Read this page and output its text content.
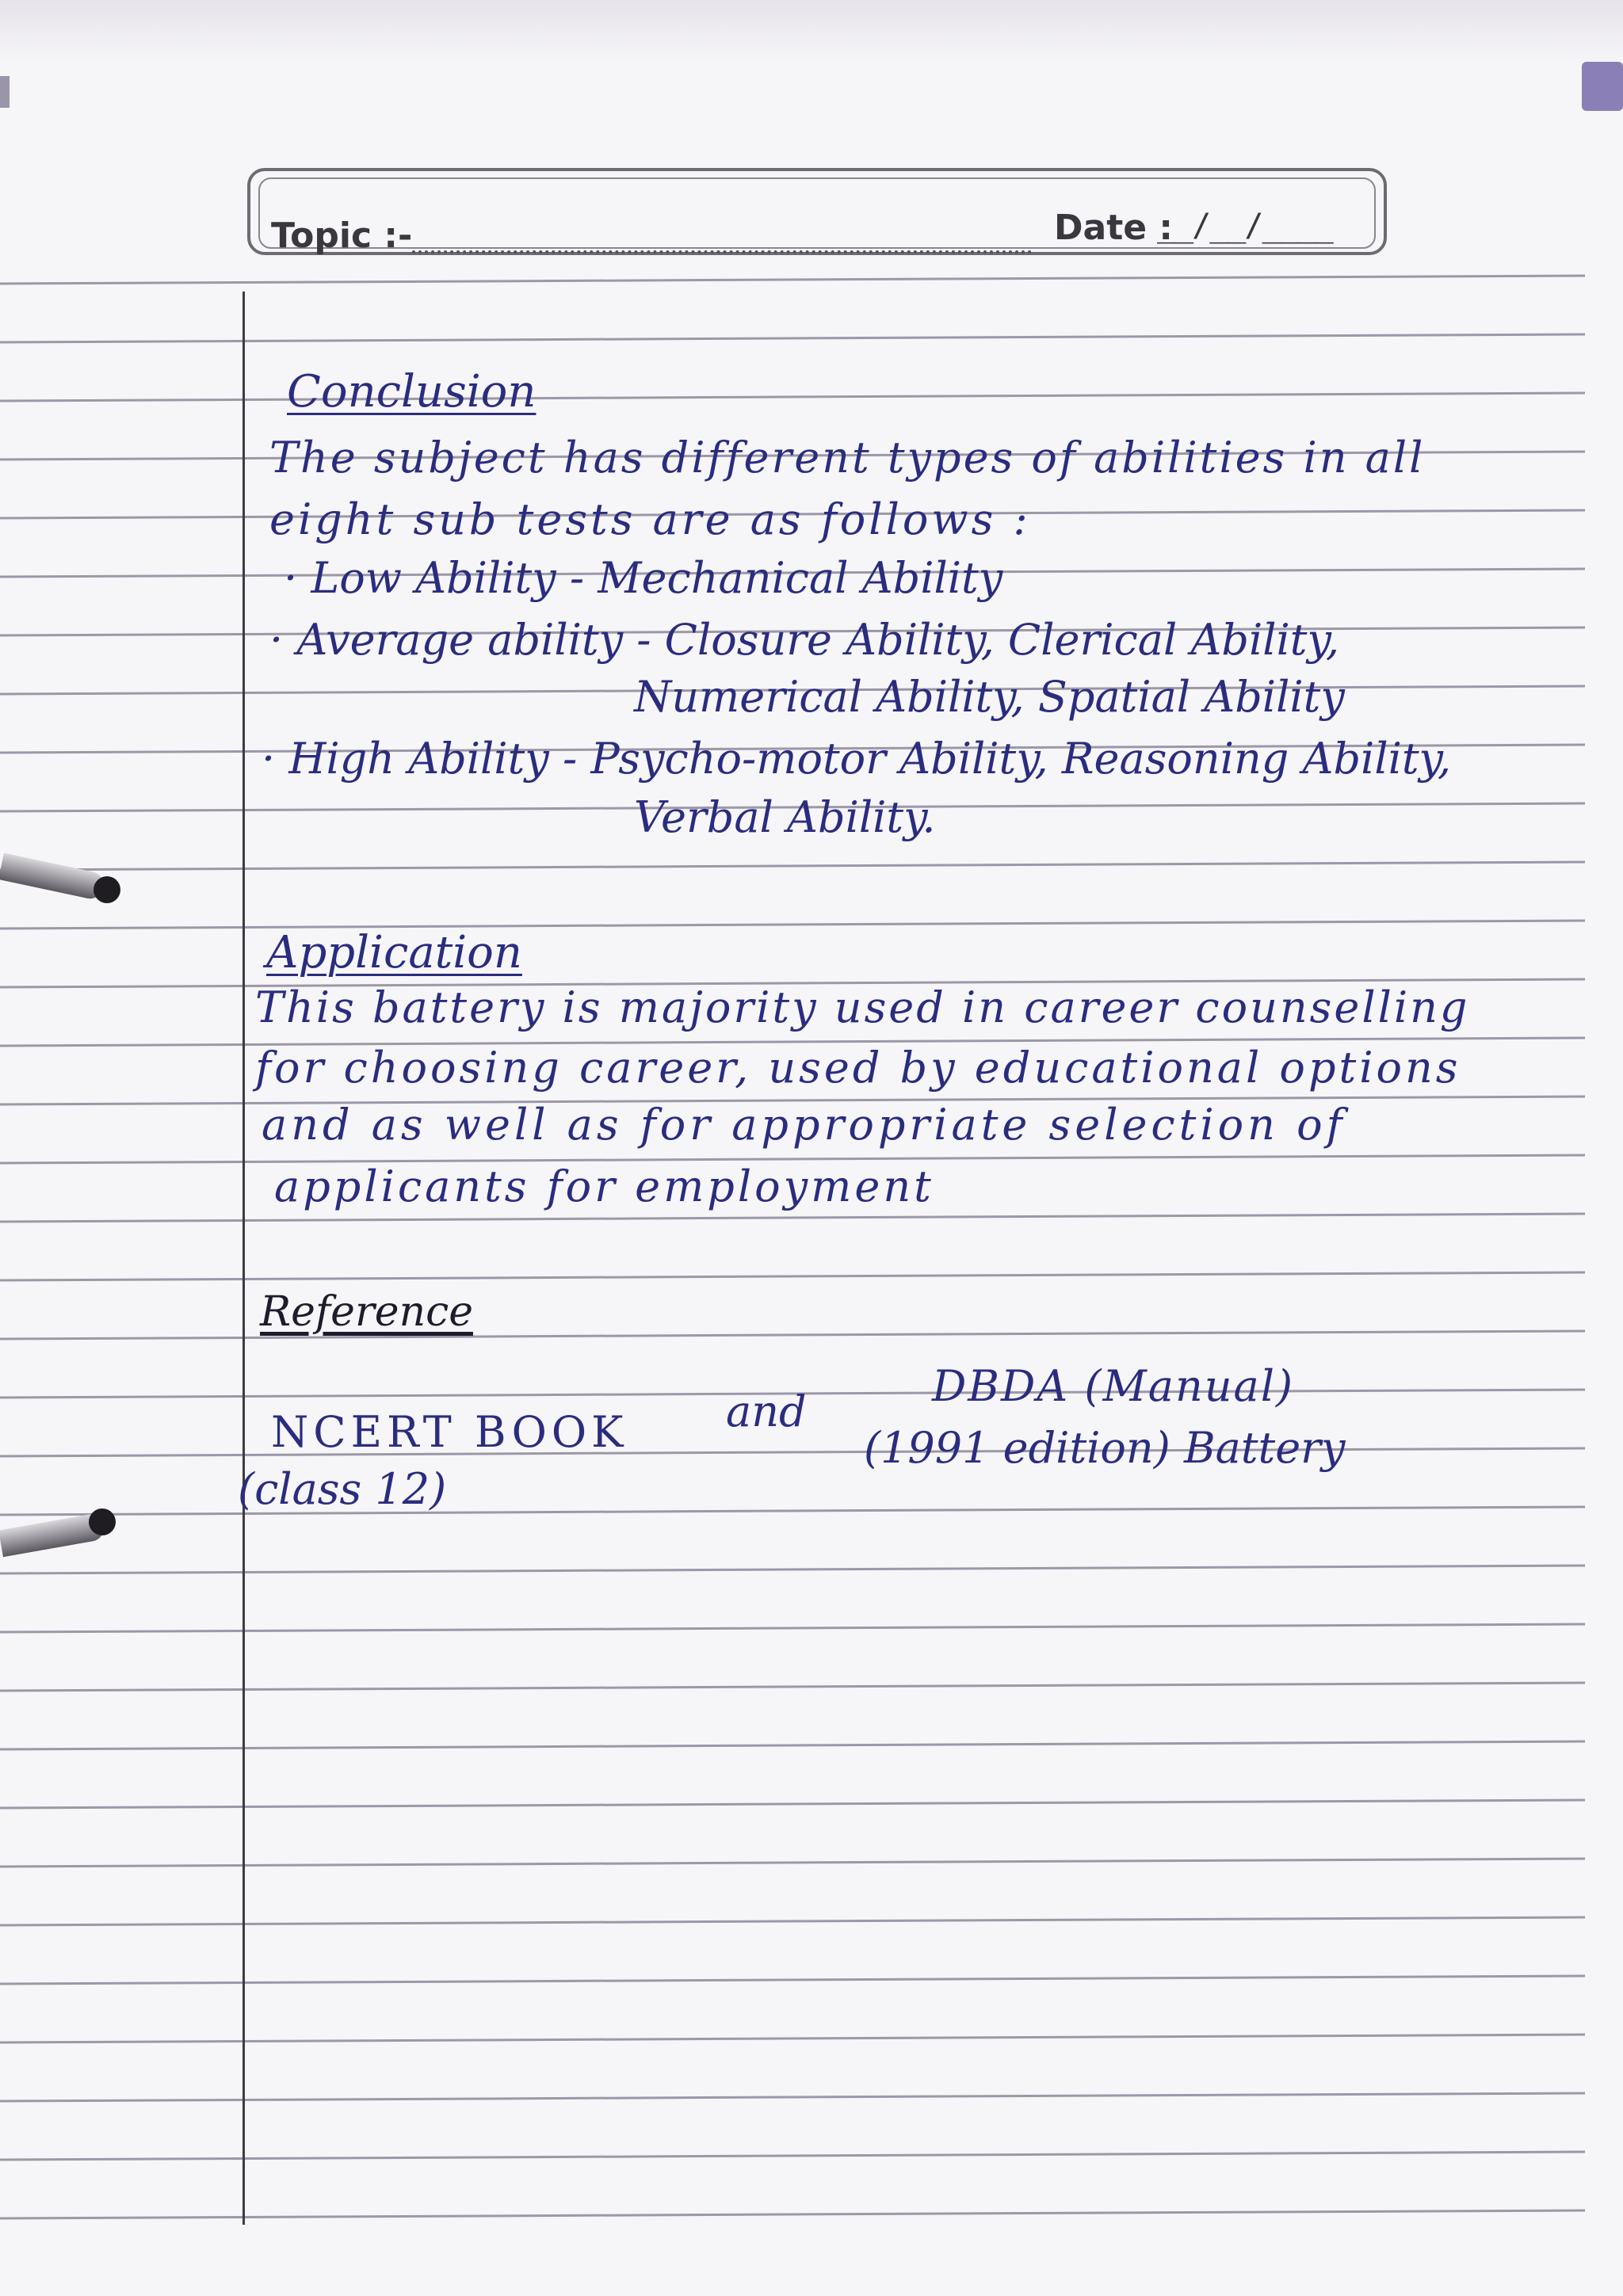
Topic :-	Date :
__/__/____
Conclusion
The subject has different types of abilities in all
eight sub tests are as follows :
· Low Ability - Mechanical Ability
· Average ability - Closure Ability, Clerical Ability,
Numerical Ability, Spatial Ability
· High Ability - Psycho-motor Ability, Reasoning Ability,
Verbal Ability.
Application
This battery is majority used in career counselling
for choosing career, used by educational options
and as well as for appropriate selection of
applicants for employment
Reference
NCERT BOOK
(class 12)
and
DBDA (Manual)
(1991 edition) Battery
